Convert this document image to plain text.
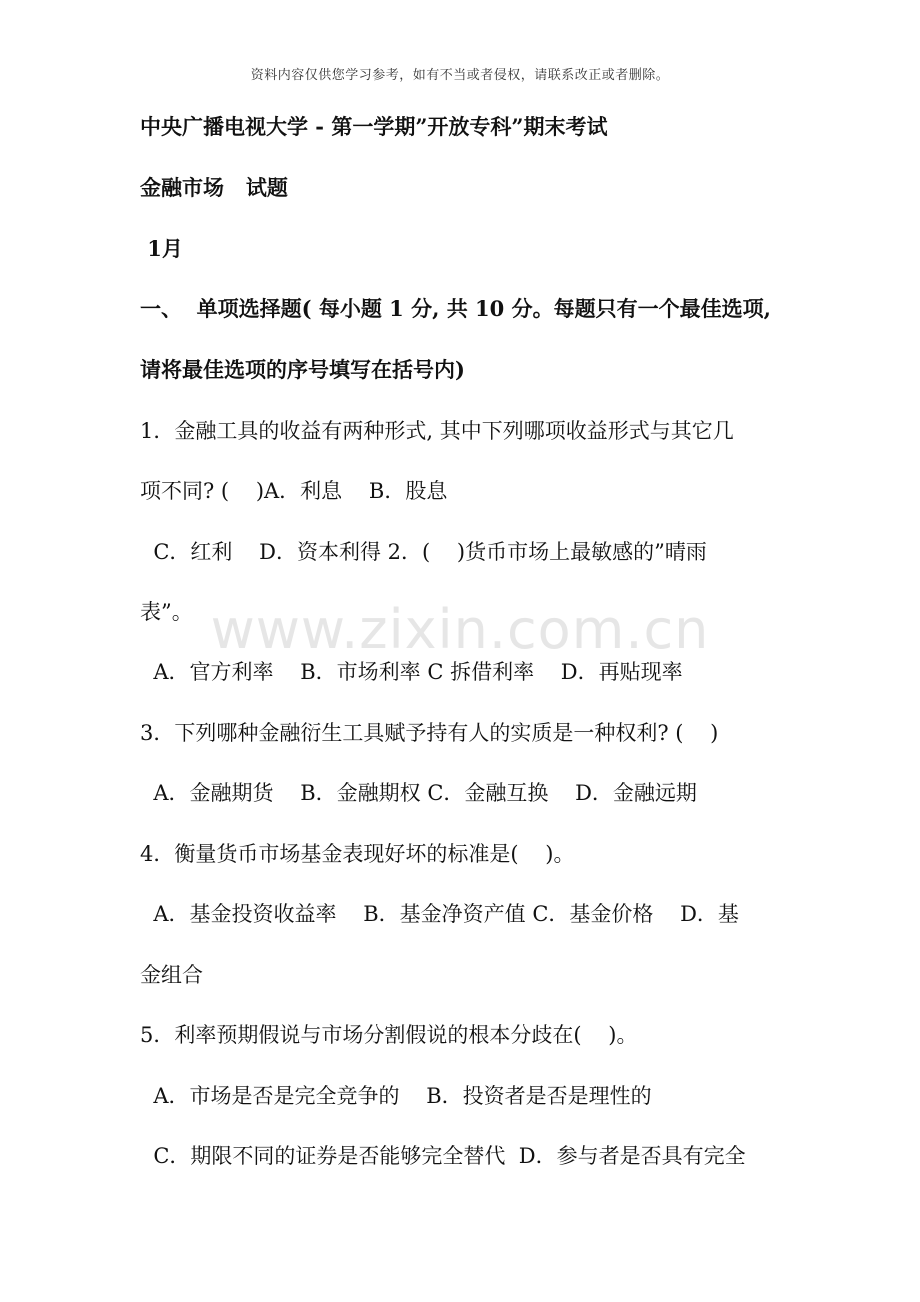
资料内容仅供您学习参考，如有不当或者侵权，请联系改正或者删除。
www.zixin.com.cn
中央广播电视大学 - 第一学期”开放专科”期末考试
金融市场   试题
1月
一、  单项选择题( 每小题 1 分, 共 10 分。每题只有一个最佳选项,
请将最佳选项的序号填写在括号内)
1．金融工具的收益有两种形式, 其中下列哪项收益形式与其它几
项不同? (    )A．利息    B．股息
C．红利    D．资本利得 2．(    )货币市场上最敏感的”晴雨
表”。
A．官方利率    B．市场利率 C 拆借利率    D．再贴现率
3．下列哪种金融衍生工具赋予持有人的实质是一种权利? (    )
A．金融期货    B．金融期权 C．金融互换    D．金融远期
4．衡量货币市场基金表现好坏的标准是(    )。
A．基金投资收益率    B．基金净资产值 C．基金价格    D．基
金组合
5．利率预期假说与市场分割假说的根本分歧在(    )。
A．市场是否是完全竞争的    B．投资者是否是理性的
C．期限不同的证券是否能够完全替代  D．参与者是否具有完全
